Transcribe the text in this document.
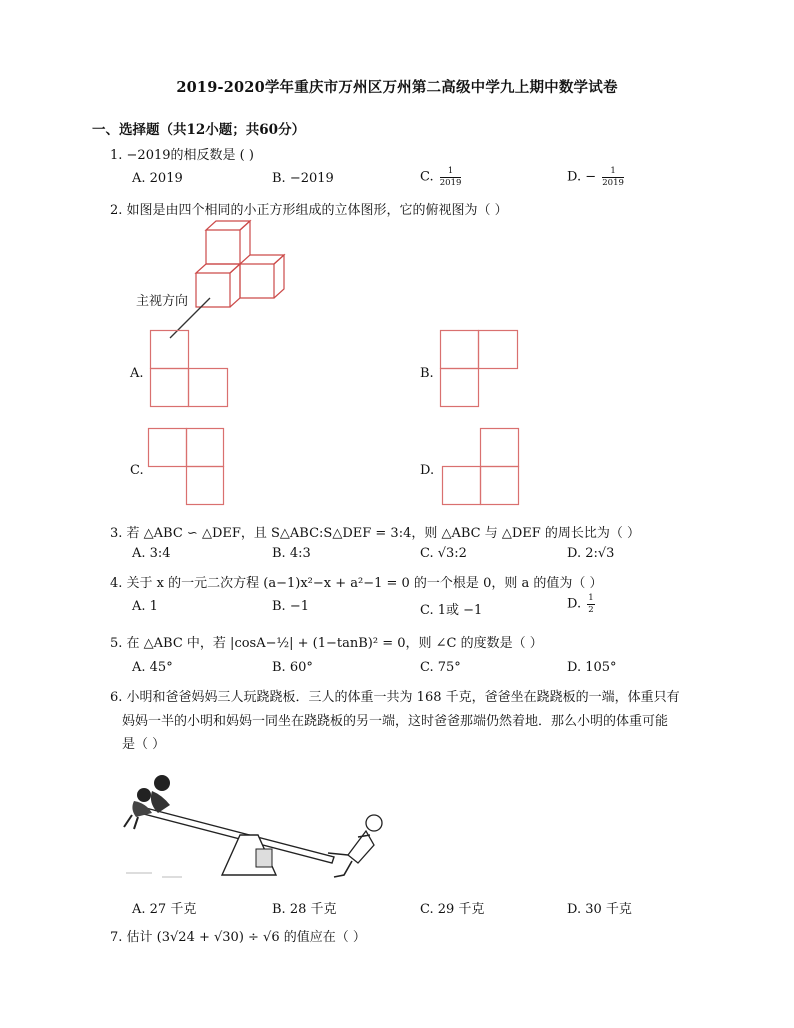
2019-2020学年重庆市万州区万州第二高级中学九上期中数学试卷
一、选择题（共12小题；共60分）
1. −2019的相反数是 ( )
A. 2019	B. −2019	C. $\frac{1}{2019}$	D. − $\frac{1}{2019}$
2. 如图是由四个相同的小正方形组成的立体图形，它的俯视图为（ ）
主视方向
A.	B.
C.	D.
3. 若 △ABC ∽ △DEF，且 S△ABC:S△DEF = 3:4，则 △ABC 与 △DEF 的周长比为（ ）
A. 3:4	B. 4:3	C. √3:2	D. 2:√3
4. 关于 x 的一元二次方程 (a−1)x²−x + a²−1 = 0 的一个根是 0，则 a 的值为（ ）
A. 1	B. −1	C. 1或 −1	D. $\frac{1}{2}$
5. 在 △ABC 中，若 |cosA−½| + (1−tanB)² = 0，则 ∠C 的度数是（ ）
A. 45°	B. 60°	C. 75°	D. 105°
6. 小明和爸爸妈妈三人玩跷跷板．三人的体重一共为 168 千克，爸爸坐在跷跷板的一端，体重只有
妈妈一半的小明和妈妈一同坐在跷跷板的另一端，这时爸爸那端仍然着地．那么小明的体重可能
是（ ）
A. 27 千克	B. 28 千克	C. 29 千克	D. 30 千克
7. 估计 (3√24 + √30) ÷ √6 的值应在（ ）
